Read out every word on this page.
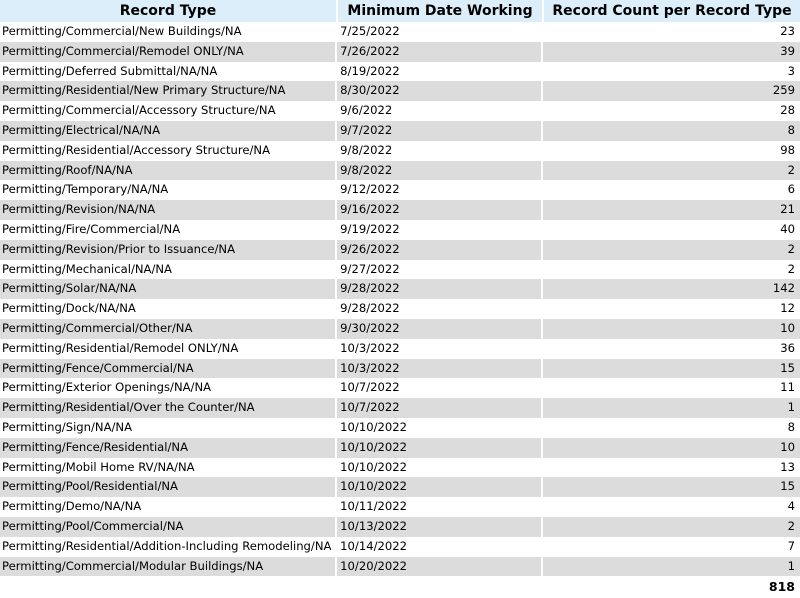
Record Type	Minimum Date Working	Record Count per Record Type
Permitting/Commercial/New Buildings/NA	7/25/2022	23
Permitting/Commercial/Remodel ONLY/NA	7/26/2022	39
Permitting/Deferred Submittal/NA/NA	8/19/2022	3
Permitting/Residential/New Primary Structure/NA	8/30/2022	259
Permitting/Commercial/Accessory Structure/NA	9/6/2022	28
Permitting/Electrical/NA/NA	9/7/2022	8
Permitting/Residential/Accessory Structure/NA	9/8/2022	98
Permitting/Roof/NA/NA	9/8/2022	2
Permitting/Temporary/NA/NA	9/12/2022	6
Permitting/Revision/NA/NA	9/16/2022	21
Permitting/Fire/Commercial/NA	9/19/2022	40
Permitting/Revision/Prior to Issuance/NA	9/26/2022	2
Permitting/Mechanical/NA/NA	9/27/2022	2
Permitting/Solar/NA/NA	9/28/2022	142
Permitting/Dock/NA/NA	9/28/2022	12
Permitting/Commercial/Other/NA	9/30/2022	10
Permitting/Residential/Remodel ONLY/NA	10/3/2022	36
Permitting/Fence/Commercial/NA	10/3/2022	15
Permitting/Exterior Openings/NA/NA	10/7/2022	11
Permitting/Residential/Over the Counter/NA	10/7/2022	1
Permitting/Sign/NA/NA	10/10/2022	8
Permitting/Fence/Residential/NA	10/10/2022	10
Permitting/Mobil Home RV/NA/NA	10/10/2022	13
Permitting/Pool/Residential/NA	10/10/2022	15
Permitting/Demo/NA/NA	10/11/2022	4
Permitting/Pool/Commercial/NA	10/13/2022	2
Permitting/Residential/Addition-Including Remodeling/NA 10/14/2022	7
Permitting/Commercial/Modular Buildings/NA	10/20/2022	1
818
